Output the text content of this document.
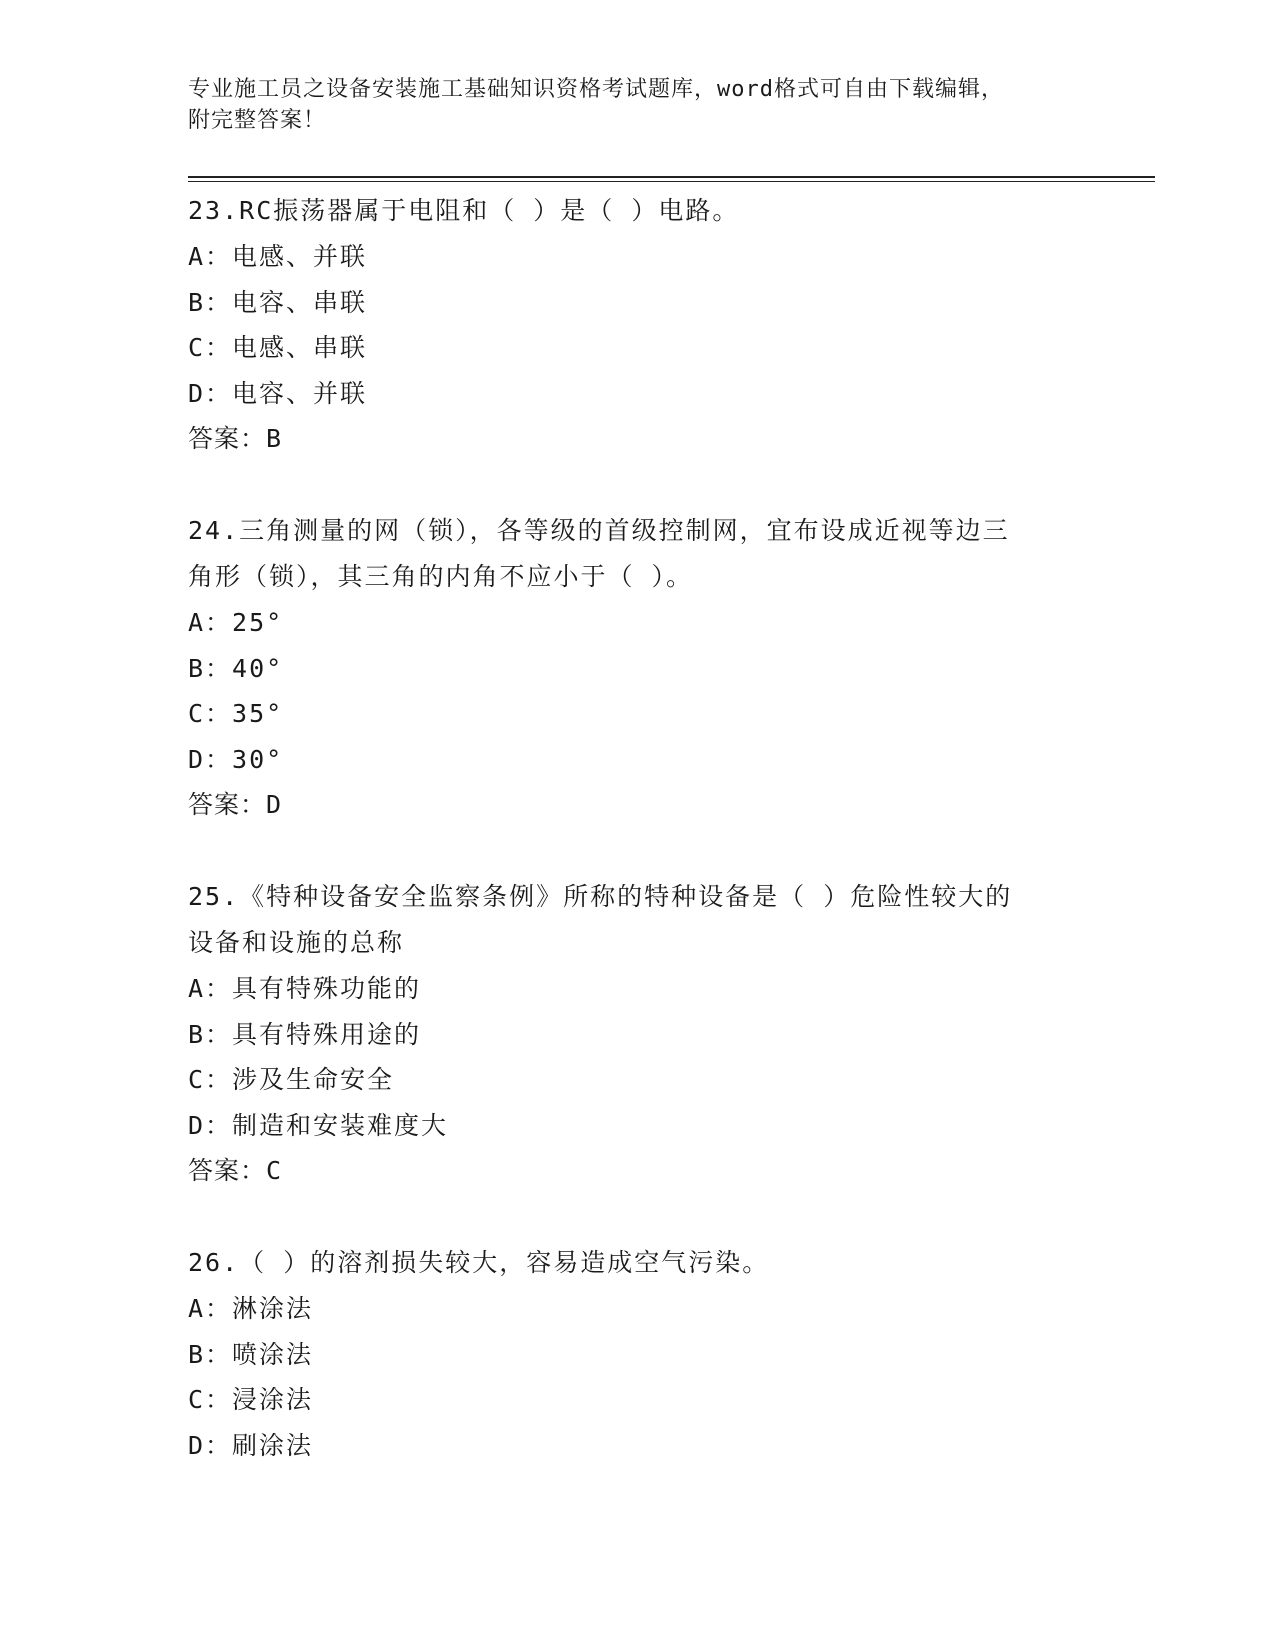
专业施工员之设备安装施工基础知识资格考试题库，word格式可自由下载编辑，
附完整答案！

23.RC振荡器属于电阻和（ ）是（ ）电路。

A：电感、并联

B：电容、串联

C：电感、串联

D：电容、并联

答案：B

24.三角测量的网（锁），各等级的首级控制网，宜布设成近视等边三

角形（锁），其三角的内角不应小于（ ）。

A：25°

B：40°

C：35°

D：30°

答案：D

25.《特种设备安全监察条例》所称的特种设备是（ ）危险性较大的

设备和设施的总称

A：具有特殊功能的

B：具有特殊用途的

C：涉及生命安全

D：制造和安装难度大

答案：C

26.（ ）的溶剂损失较大，容易造成空气污染。

A：淋涂法

B：喷涂法

C：浸涂法

D：刷涂法
